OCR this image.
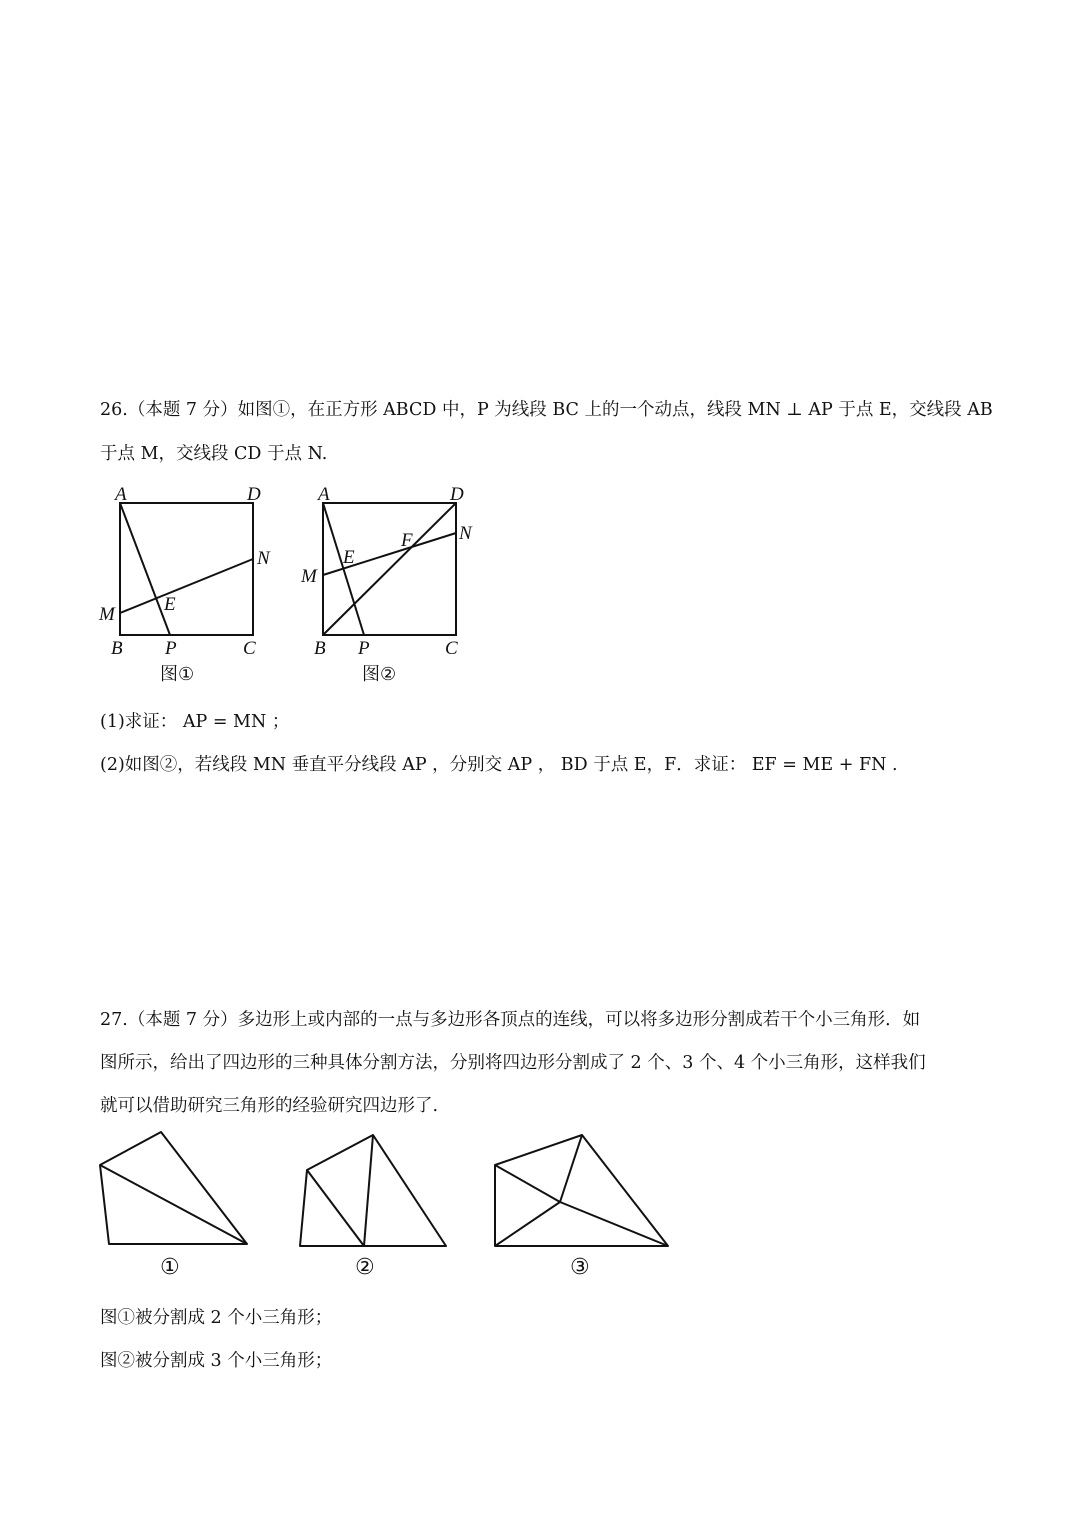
26.（本题 7 分）如图①，在正方形 ABCD 中，P 为线段 BC 上的一个动点，线段 MN ⊥ AP 于点 E，交线段 AB
于点 M，交线段 CD 于点 N.
A	D
N
E
M
B P	C
图①
A	D
N
F
E
M
B P	C
图②
(1)求证： AP = MN ；
(2)如图②，若线段 MN 垂直平分线段 AP ，分别交 AP ， BD 于点 E，F．求证： EF = ME + FN .
27.（本题 7 分）多边形上或内部的一点与多边形各顶点的连线，可以将多边形分割成若干个小三角形．如
图所示，给出了四边形的三种具体分割方法，分别将四边形分割成了 2 个、3 个、4 个小三角形，这样我们
就可以借助研究三角形的经验研究四边形了.
①	②	③
图①被分割成 2 个小三角形；
图②被分割成 3 个小三角形；
